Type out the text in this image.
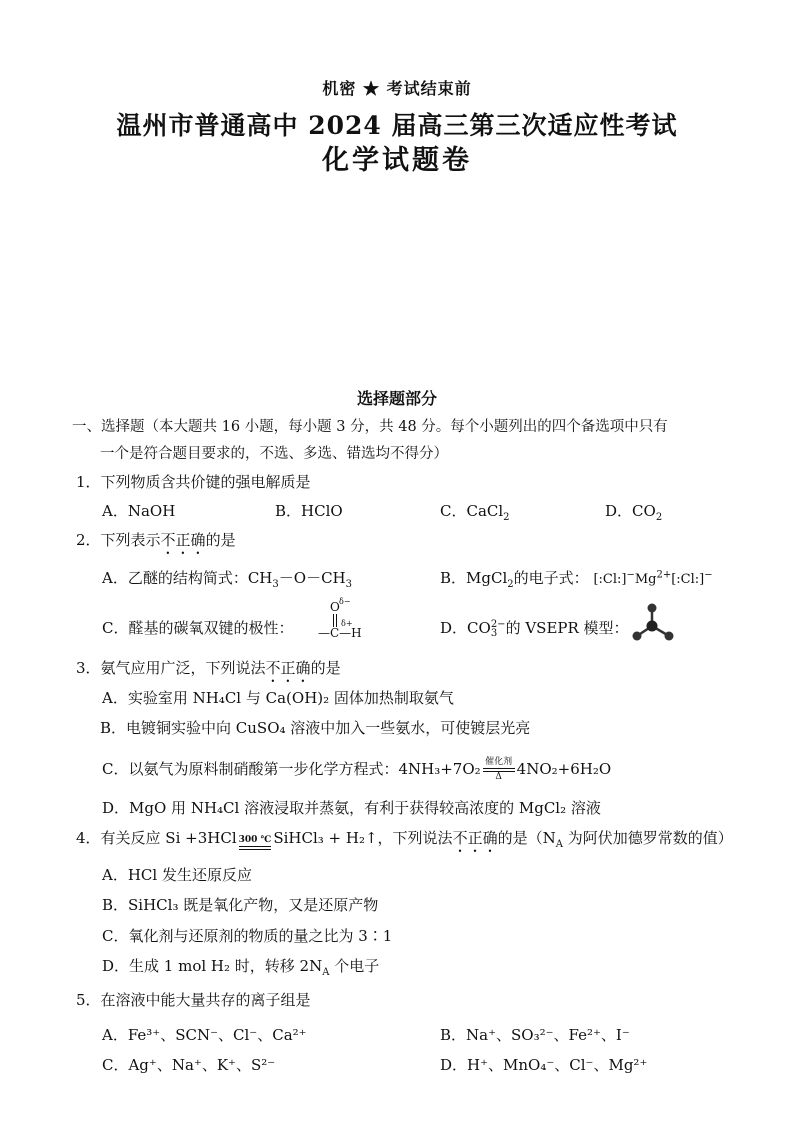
机密 ★ 考试结束前
温州市普通高中 2024 届高三第三次适应性考试
化学试题卷
选择题部分
一、选择题（本大题共 16 小题，每小题 3 分，共 48 分。每个小题列出的四个备选项中只有
一个是符合题目要求的，不选、多选、错选均不得分）
1．下列物质含共价键的强电解质是
A．NaOH	B．HClO	C．CaCl$_2$	D．$CO_2$
2．下列表示不正确的是
A．乙醚的结构简式：$CH_3-O-CH_3$	B．MgCl$_2$的电子式： $[:Cl:]^-Mg^{2+}[:Cl:]^-$
C．醛基的碳氧双键的极性：
O δ−
δ+
—C—H	D．CO 2−
3 的 VSEPR 模型：
3．氨气应用广泛，下列说法不正确的是
A．实验室用 NH₄Cl 与 Ca(OH)₂ 固体加热制取氨气
B．电镀铜实验中向 CuSO₄ 溶液中加入一些氨水，可使镀层光亮
C．以氨气为原料制硝酸第一步化学方程式：4NH₃+7O₂ 催化剂
Δ 4NO₂+6H₂O
D．MgO 用 NH₄Cl 溶液浸取并蒸氨，有利于获得较高浓度的 MgCl₂ 溶液
4．有关反应 Si +3HCl 300 ℃ SiHCl₃ + H₂↑，下列说法不正确的是（$N_A$ 为阿伏加德罗常数的值）
A．HCl 发生还原反应
B．SiHCl₃ 既是氧化产物，又是还原产物
C．氧化剂与还原剂的物质的量之比为 3∶1
D．生成 1 mol H₂ 时，转移 $2N_A$ 个电子
5．在溶液中能大量共存的离子组是
A．Fe³⁺、SCN⁻、Cl⁻、Ca²⁺	B．Na⁺、SO₃²⁻、Fe²⁺、I⁻
C．Ag⁺、Na⁺、K⁺、S²⁻	D．H⁺、MnO₄⁻、Cl⁻、Mg²⁺
